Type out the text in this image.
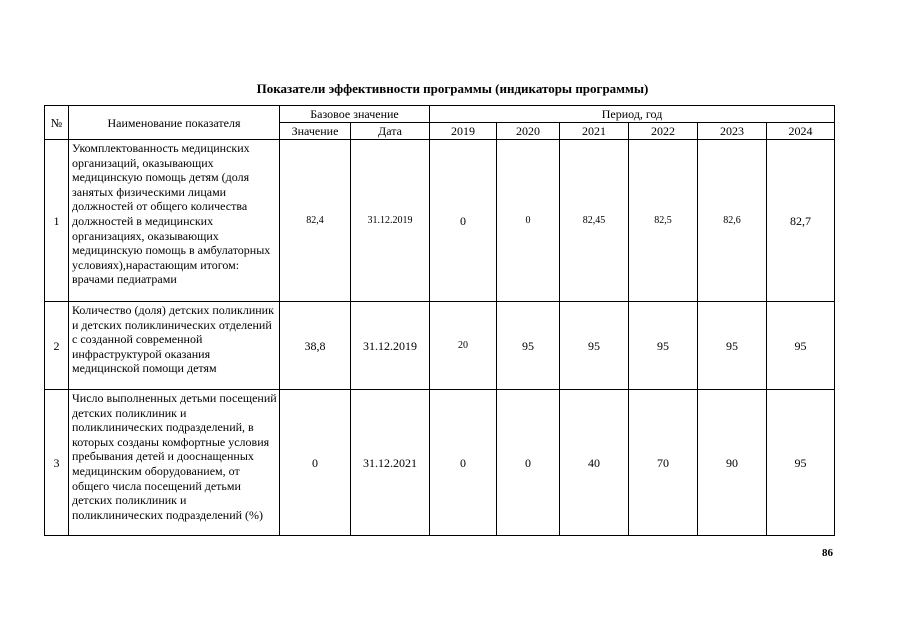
Показатели эффективности программы (индикаторы программы)
№	Наименование показателя	Базовое значение		Период, год					
		Значение	Дата	2019	2020	2021	2022	2023	2024
1	Укомплектованность медицинских организаций, оказывающих медицинскую помощь детям (доля занятых физическими лицами должностей от общего количества должностей в медицинских организациях, оказывающих медицинскую помощь в амбулаторных условиях),нарастающим итогом: врачами педиатрами	82,4	31.12.2019	0	0	82,45	82,5	82,6	82,7
2	Количество (доля) детских поликлиник и детских поликлинических отделений с созданной современной инфраструктурой оказания медицинской помощи детям	38,8	31.12.2019	20	95	95	95	95	95
3	Число выполненных детьми посещений детских поликлиник и поликлинических подразделений, в которых созданы комфортные условия пребывания детей и дооснащенных медицинским оборудованием, от общего числа посещений детьми детских поликлиник и поликлинических подразделений (%)	0	31.12.2021	0	0	40	70	90	95
86
